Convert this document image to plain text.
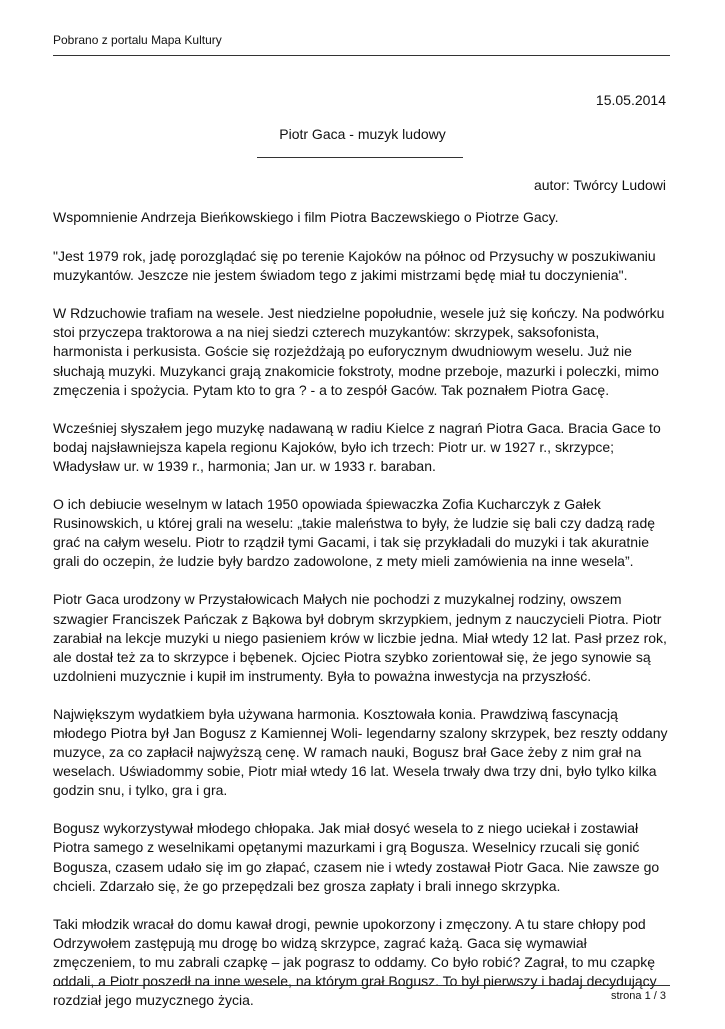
Pobrano z portalu Mapa Kultury
15.05.2014
Piotr Gaca - muzyk ludowy
autor: Twórcy Ludowi

Wspomnienie Andrzeja Bieńkowskiego i film Piotra Baczewskiego o Piotrze Gacy.

"Jest 1979 rok, jadę porozglądać się po terenie Kajoków na północ od Przysuchy w poszukiwaniu muzykantów. Jeszcze nie jestem świadom tego z jakimi mistrzami będę miał tu doczynienia".

W Rdzuchowie trafiam na wesele. Jest niedzielne popołudnie, wesele już się kończy. Na podwórku stoi przyczepa traktorowa a na niej siedzi czterech muzykantów: skrzypek, saksofonista, harmonista i perkusista. Goście się rozjeżdżają po euforycznym dwudniowym weselu. Już nie słuchają muzyki. Muzykanci grają znakomicie fokstroty, modne przeboje, mazurki i poleczki, mimo zmęczenia i spożycia. Pytam kto to gra ? - a to zespół Gaców. Tak poznałem Piotra Gacę.

Wcześniej słyszałem jego muzykę nadawaną w radiu Kielce z nagrań Piotra Gaca. Bracia Gace to bodaj najsławniejsza kapela regionu Kajoków, było ich trzech: Piotr ur. w 1927 r., skrzypce; Władysław ur. w 1939 r., harmonia; Jan ur. w 1933 r. baraban.

O ich debiucie weselnym w latach 1950 opowiada śpiewaczka Zofia Kucharczyk z Gałek Rusinowskich, u której grali na weselu: „takie maleństwa to były, że ludzie się bali czy dadzą radę grać na całym weselu. Piotr to rządził tymi Gacami, i tak się przykładali do muzyki i tak akuratnie grali do oczepin, że ludzie były bardzo zadowolone, z mety mieli zamówienia na inne wesela”.

Piotr Gaca urodzony w Przystałowicach Małych nie pochodzi z muzykalnej rodziny, owszem szwagier Franciszek Pańczak z Bąkowa był dobrym skrzypkiem, jednym z nauczycieli Piotra. Piotr zarabiał na lekcje muzyki u niego pasieniem krów w liczbie jedna. Miał wtedy 12 lat. Pasł przez rok, ale dostał też za to skrzypce i bębenek. Ojciec Piotra szybko zorientował się, że jego synowie są uzdolnieni muzycznie i kupił im instrumenty. Była to poważna inwestycja na przyszłość.

Największym wydatkiem była używana harmonia. Kosztowała konia. Prawdziwą fascynacją młodego Piotra był Jan Bogusz z Kamiennej Woli- legendarny szalony skrzypek, bez reszty oddany muzyce, za co zapłacił najwyższą cenę. W ramach nauki, Bogusz brał Gace żeby z nim grał na weselach. Uświadommy sobie, Piotr miał wtedy 16 lat. Wesela trwały dwa trzy dni, było tylko kilka godzin snu, i tylko, gra i gra.

Bogusz wykorzystywał młodego chłopaka. Jak miał dosyć wesela to z niego uciekał i zostawiał Piotra samego z weselnikami opętanymi mazurkami i grą Bogusza. Weselnicy rzucali się gonić Bogusza, czasem udało się im go złapać, czasem nie i wtedy zostawał Piotr Gaca. Nie zawsze go chcieli. Zdarzało się, że go przepędzali bez grosza zapłaty i brali innego skrzypka.

Taki młodzik wracał do domu kawał drogi, pewnie upokorzony i zmęczony. A tu stare chłopy pod Odrzywołem zastępują mu drogę bo widzą skrzypce, zagrać każą. Gaca się wymawiał zmęczeniem, to mu zabrali czapkę – jak pograsz to oddamy. Co było robić? Zagrał, to mu czapkę oddali, a Piotr poszedł na inne wesele, na którym grał Bogusz. To był pierwszy i badaj decydujący rozdział jego muzycznego życia.	strona 1 / 3
